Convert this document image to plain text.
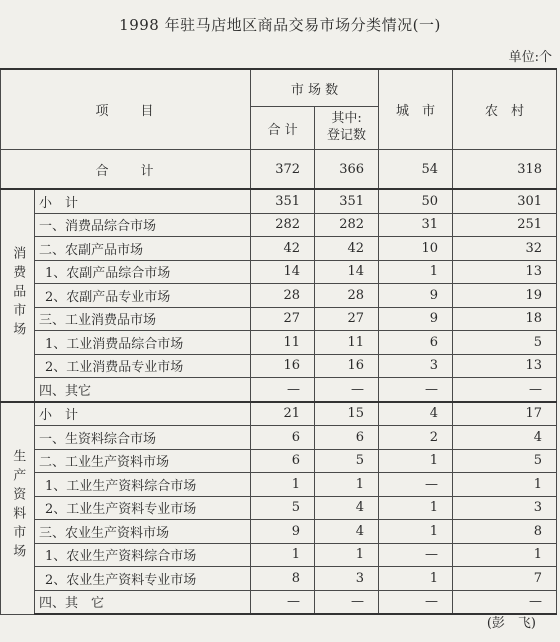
1998 年驻马店地区商品交易市场分类情况(一)
单位:个
项　　目		市 场 数		城　市	农　村
		合 计	其中:
登记数		
合　　计		372	366	54	318
消费品市场	小　计	351	351	50	301
	一、消费品综合市场	282	282	31	251
	二、农副产品市场	42	42	10	32
	1、农副产品综合市场	14	14	1	13
	2、农副产品专业市场	28	28	9	19
	三、工业消费品市场	27	27	9	18
	1、工业消费品综合市场	11	11	6	5
	2、工业消费品专业市场	16	16	3	13
	四、其它	—	—	—	—
生产资料市场	小　计	21	15	4	17
	一、生资料综合市场	6	6	2	4
	二、工业生产资料市场	6	5	1	5
	1、工业生产资料综合市场	1	1	—	1
	2、工业生产资料专业市场	5	4	1	3
	三、农业生产资料市场	9	4	1	8
	1、农业生产资料综合市场	1	1	—	1
	2、农业生产资料专业市场	8	3	1	7
	四、其　它	—	—	—	—
(彭　飞)
